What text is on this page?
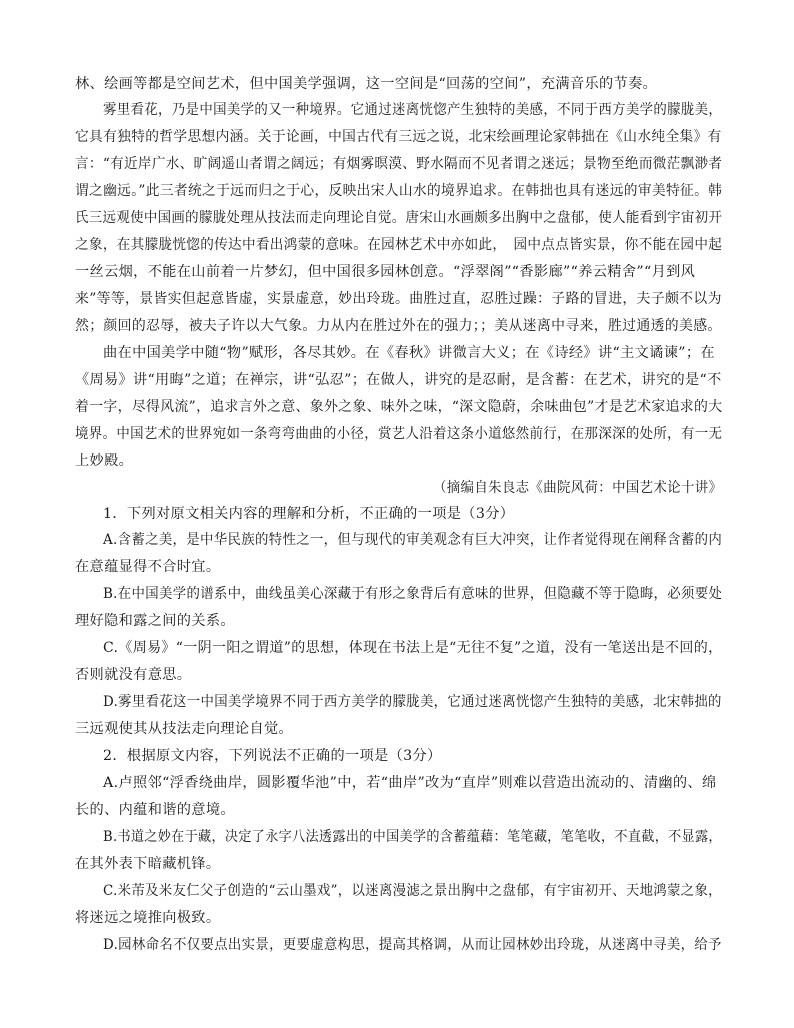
林、绘画等都是空间艺术，但中国美学强调，这一空间是“回荡的空间”，充满音乐的节奏。
雾里看花，乃是中国美学的又一种境界。它通过迷离恍惚产生独特的美感，不同于西方美学的朦胧美，
它具有独特的哲学思想内涵。关于论画，中国古代有三远之说，北宋绘画理论家韩拙在《山水纯全集》有
言：“有近岸广水、旷阔遥山者谓之阔远；有烟雾暝漠、野水隔而不见者谓之迷远；景物至绝而微茫飘渺者
谓之幽远。”此三者统之于远而归之于心，反映出宋人山水的境界追求。在韩拙也具有迷远的审美特征。韩
氏三远观使中国画的朦胧处理从技法而走向理论自觉。唐宋山水画颇多出胸中之盘郁，使人能看到宇宙初开
之象，在其朦胧恍惚的传达中看出鸿蒙的意味。在园林艺术中亦如此，　园中点点皆实景，你不能在园中起
一丝云烟，不能在山前着一片梦幻，但中国很多园林创意。“浮翠阁”“香影廊”“养云精舍”“月到风
来”等等，景皆实但起意皆虚，实景虚意，妙出玲珑。曲胜过直，忍胜过躁：子路的冒进，夫子颇不以为
然；颜回的忍辱，被夫子许以大气象。力从内在胜过外在的强力；；美从迷离中寻来，胜过通透的美感。
曲在中国美学中随“物”赋形，各尽其妙。在《春秋》讲微言大义；在《诗经》讲“主文谲谏”；在
《周易》讲“用晦”之道；在禅宗，讲“弘忍”；在做人，讲究的是忍耐，是含蓄：在艺术，讲究的是“不
着一字，尽得风流”，追求言外之意、象外之象、味外之味，“深文隐蔚，余味曲包”才是艺术家追求的大
境界。中国艺术的世界宛如一条弯弯曲曲的小径，赏艺人沿着这条小道悠然前行，在那深深的处所，有一无
上妙殿。
（摘编自朱良志《曲院风荷：中国艺术论十讲》
1．下列对原文相关内容的理解和分析，不正确的一项是（3分）
A.含蓄之美，是中华民族的特性之一，但与现代的审美观念有巨大冲突，让作者觉得现在阐释含蓄的内
在意蕴显得不合时宜。
B.在中国美学的谱系中，曲线虽美心深藏于有形之象背后有意味的世界，但隐藏不等于隐晦，必须要处
理好隐和露之间的关系。
C.《周易》“一阴一阳之谓道”的思想，体现在书法上是“无往不复”之道，没有一笔送出是不回的，
否则就没有意思。
D.雾里看花这一中国美学境界不同于西方美学的朦胧美，它通过迷离恍惚产生独特的美感，北宋韩拙的
三远观使其从技法走向理论自觉。
2．根据原文内容，下列说法不正确的一项是（3分）
A.卢照邻“浮香绕曲岸，圆影覆华池”中，若“曲岸”改为“直岸”则难以营造出流动的、清幽的、绵
长的、内蕴和谐的意境。
B.书道之妙在于藏，决定了永字八法透露出的中国美学的含蓄蕴藉：笔笔藏，笔笔收，不直截，不显露，
在其外表下暗藏机锋。
C.米芾及米友仁父子创造的“云山墨戏”，以迷离漫滤之景出胸中之盘郁，有宇宙初开、天地鸿蒙之象，
将迷远之境推向极致。
D.园林命名不仅要点出实景，更要虚意构思，提高其格调，从而让园林妙出玲珑，从迷离中寻美，给予
